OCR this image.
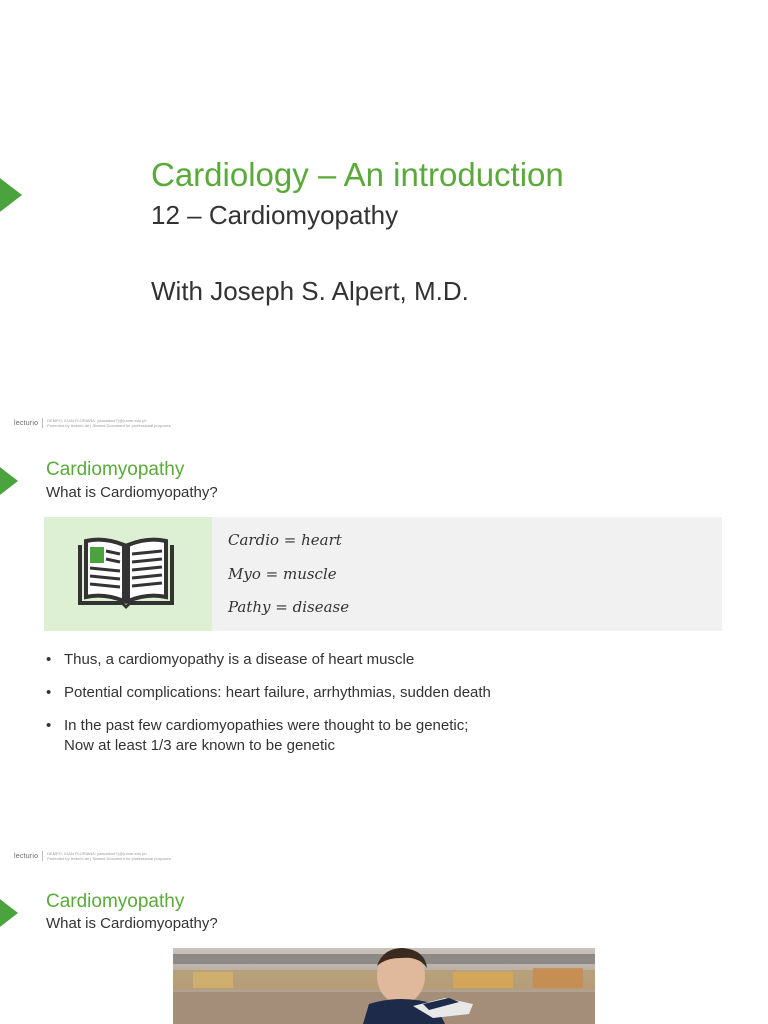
Cardiology – An introduction
12 – Cardiomyopathy
With Joseph S. Alpert, M.D.
lecturio DEMPO, IOAN FLORIANA: yaavadoct7(@)umm.edu.ph
Protected by lecturio.de | Shared Document for professional purposes
Cardiomyopathy
What is Cardiomyopathy?
Cardio = heart
Myo = muscle
Pathy = disease
• Thus, a cardiomyopathy is a disease of heart muscle
• Potential complications: heart failure, arrhythmias, sudden death
• In the past few cardiomyopathies were thought to be genetic;
Now at least 1/3 are known to be genetic
lecturio DEMPO, IOAN FLORIANA: yaavadoct7(@)umm.edu.ph
Protected by lecturio.de | Shared Document for professional purposes
Cardiomyopathy
What is Cardiomyopathy?
